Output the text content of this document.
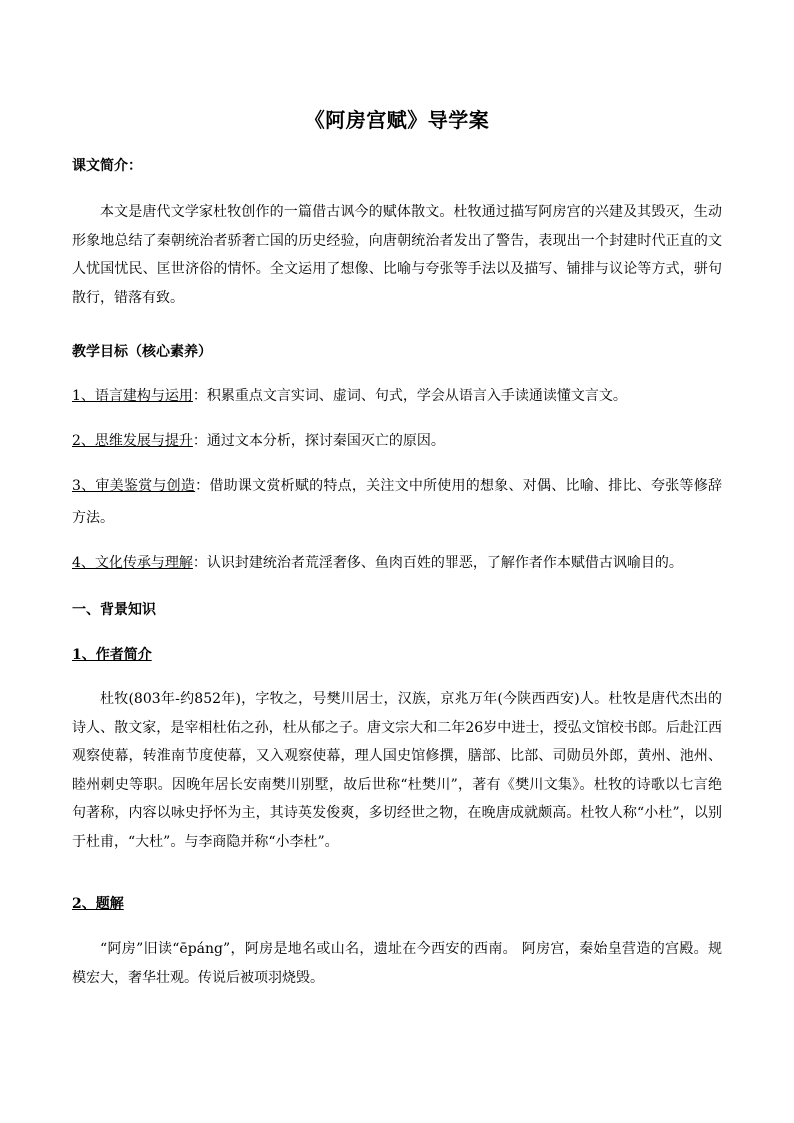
《阿房宫赋》导学案
课文简介：
本文是唐代文学家杜牧创作的一篇借古讽今的赋体散文。杜牧通过描写阿房宫的兴建及其毁灭，生动形象地总结了秦朝统治者骄奢亡国的历史经验，向唐朝统治者发出了警告，表现出一个封建时代正直的文人忧国忧民、匡世济俗的情怀。全文运用了想像、比喻与夸张等手法以及描写、铺排与议论等方式，骈句散行，错落有致。
教学目标（核心素养）
1、语言建构与运用：积累重点文言实词、虚词、句式，学会从语言入手读通读懂文言文。
2、思维发展与提升：通过文本分析，探讨秦国灭亡的原因。
3、审美鉴赏与创造：借助课文赏析赋的特点，关注文中所使用的想象、对偶、比喻、排比、夸张等修辞方法。
4、文化传承与理解：认识封建统治者荒淫奢侈、鱼肉百姓的罪恶，了解作者作本赋借古讽喻目的。
一、背景知识
1、作者简介
杜牧(803年-约852年)，字牧之，号樊川居士，汉族，京兆万年(今陕西西安)人。杜牧是唐代杰出的诗人、散文家，是宰相杜佑之孙，杜从郁之子。唐文宗大和二年26岁中进士，授弘文馆校书郎。后赴江西观察使幕，转淮南节度使幕，又入观察使幕，理人国史馆修撰，膳部、比部、司勋员外郎，黄州、池州、睦州刺史等职。因晚年居长安南樊川别墅，故后世称“杜樊川”，著有《樊川文集》。杜牧的诗歌以七言绝句著称，内容以咏史抒怀为主，其诗英发俊爽，多切经世之物，在晚唐成就颇高。杜牧人称“小杜”，以别于杜甫，“大杜”。与李商隐并称“小李杜”。
2、题解
“阿房”旧读“ēpáng”，阿房是地名或山名，遗址在今西安的西南。 阿房宫，秦始皇营造的宫殿。规模宏大，奢华壮观。传说后被项羽烧毁。
